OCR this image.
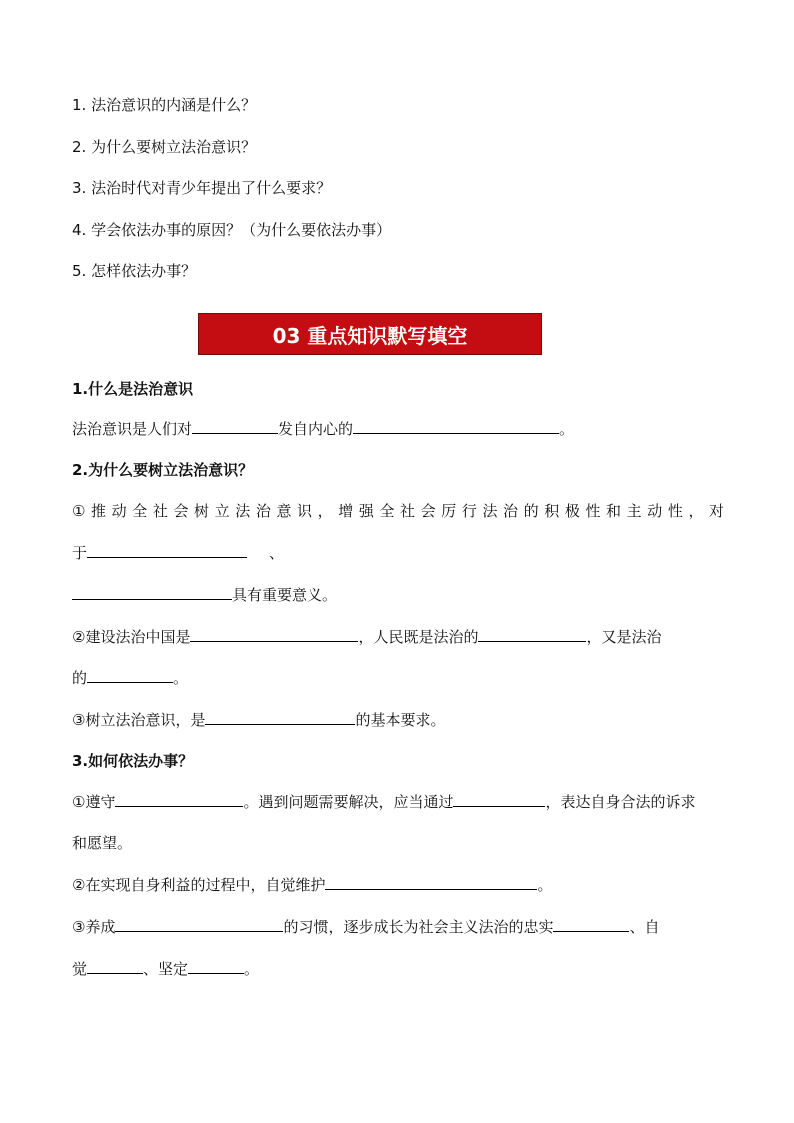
1. 法治意识的内涵是什么？
2. 为什么要树立法治意识？
3. 法治时代对青少年提出了什么要求？
4. 学会依法办事的原因？（为什么要依法办事）
5. 怎样依法办事？
03 重点知识默写填空
1.什么是法治意识
法治意识是人们对	发自内心的	。
2.为什么要树立法治意识？
①推动全社会树立法治意识，增强全社会厉行法治的积极性和主动性，对
于	、
具有重要意义。
②建设法治中国是	，人民既是法治的	，又是法治
的	。
③树立法治意识，是	的基本要求。
3.如何依法办事？
①遵守	。遇到问题需要解决，应当通过	，表达自身合法的诉求
和愿望。
②在实现自身利益的过程中，自觉维护	。
③养成	的习惯，逐步成长为社会主义法治的忠实	、自
觉	、坚定	。
